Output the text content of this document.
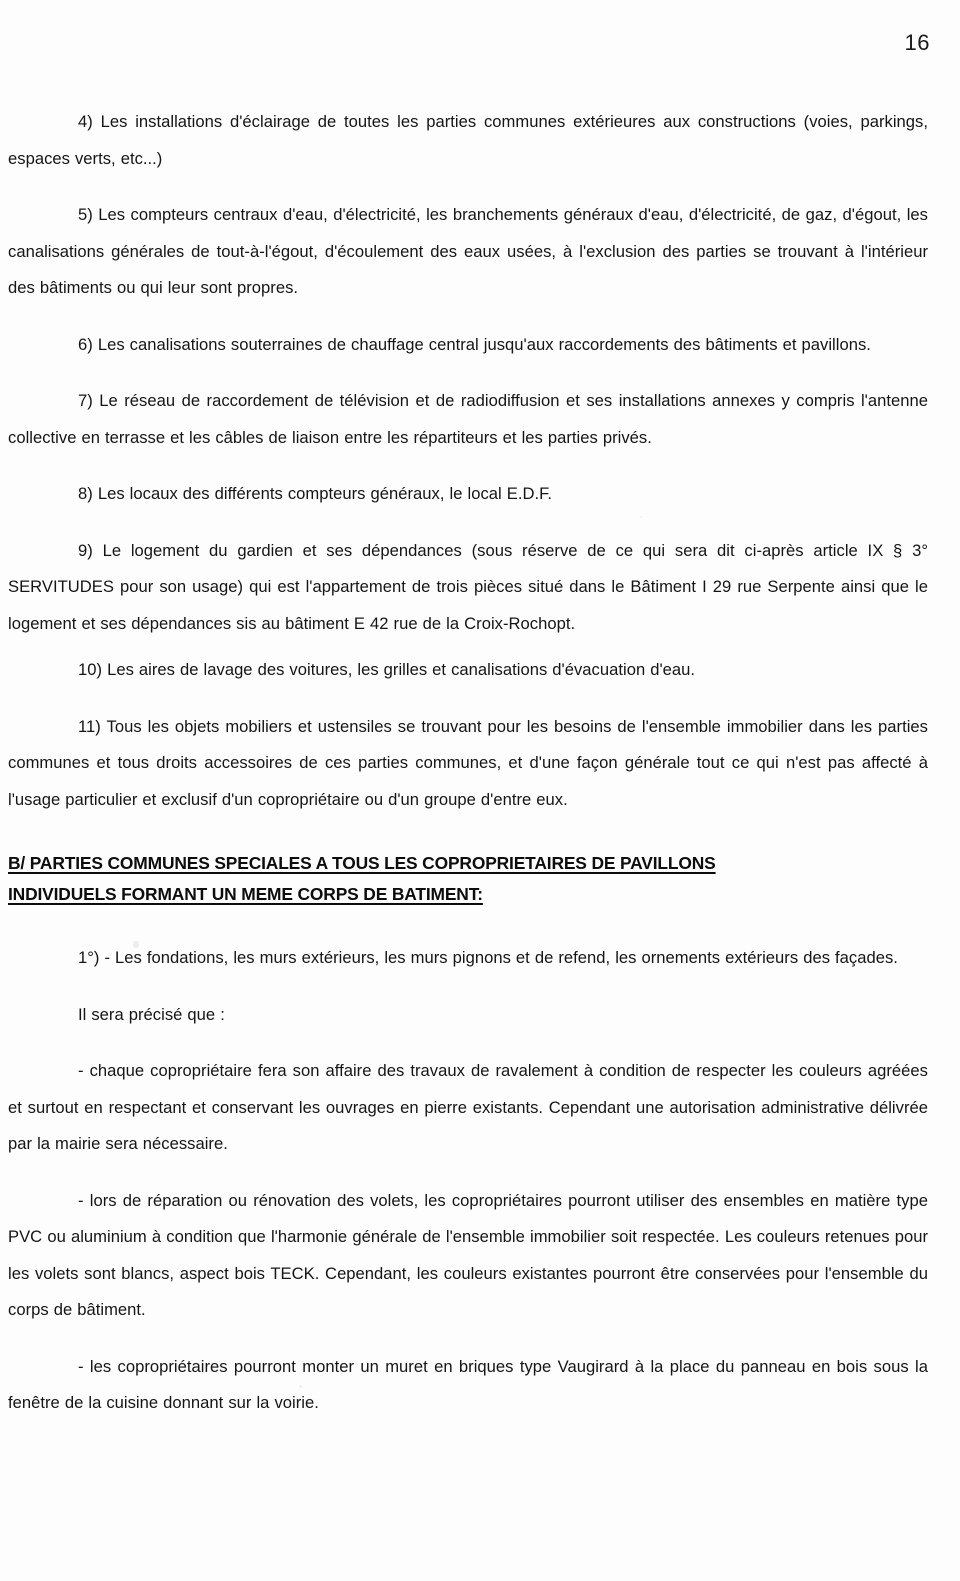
16

4) Les installations d'éclairage de toutes les parties communes extérieures aux constructions (voies, parkings, espaces verts, etc...)

5) Les compteurs centraux d'eau, d'électricité, les branchements généraux d'eau, d'électricité, de gaz, d'égout, les canalisations générales de tout-à-l'égout, d'écoulement des eaux usées, à l'exclusion des parties se trouvant à l'intérieur des bâtiments ou qui leur sont propres.

6) Les canalisations souterraines de chauffage central jusqu'aux raccordements des bâtiments et pavillons.

7) Le réseau de raccordement de télévision et de radiodiffusion et ses installations annexes y compris l'antenne collective en terrasse et les câbles de liaison entre les répartiteurs et les parties privés.

8) Les locaux des différents compteurs généraux, le local E.D.F.

9) Le logement du gardien et ses dépendances (sous réserve de ce qui sera dit ci-après article IX § 3° SERVITUDES pour son usage) qui est l'appartement de trois pièces situé dans le Bâtiment I 29 rue Serpente ainsi que le logement et ses dépendances sis au bâtiment E 42 rue de la Croix-Rochopt.

10) Les aires de lavage des voitures, les grilles et canalisations d'évacuation d'eau.

11) Tous les objets mobiliers et ustensiles se trouvant pour les besoins de l'ensemble immobilier dans les parties communes et tous droits accessoires de ces parties communes, et d'une façon générale tout ce qui n'est pas affecté à l'usage particulier et exclusif d'un copropriétaire ou d'un groupe d'entre eux.

B/ PARTIES COMMUNES SPECIALES A TOUS LES COPROPRIETAIRES DE PAVILLONS
INDIVIDUELS FORMANT UN MEME CORPS DE BATIMENT:

1°) - Les fondations, les murs extérieurs, les murs pignons et de refend, les ornements extérieurs des façades.

Il sera précisé que :

- chaque copropriétaire fera son affaire des travaux de ravalement à condition de respecter les couleurs agréées et surtout en respectant et conservant les ouvrages en pierre existants. Cependant une autorisation administrative délivrée par la mairie sera nécessaire.

- lors de réparation ou rénovation des volets, les copropriétaires pourront utiliser des ensembles en matière type PVC ou aluminium à condition que l'harmonie générale de l'ensemble immobilier soit respectée. Les couleurs retenues pour les volets sont blancs, aspect bois TECK. Cependant, les couleurs existantes pourront être conservées pour l'ensemble du corps de bâtiment.

- les copropriétaires pourront monter un muret en briques type Vaugirard à la place du panneau en bois sous la fenêtre de la cuisine donnant sur la voirie.
